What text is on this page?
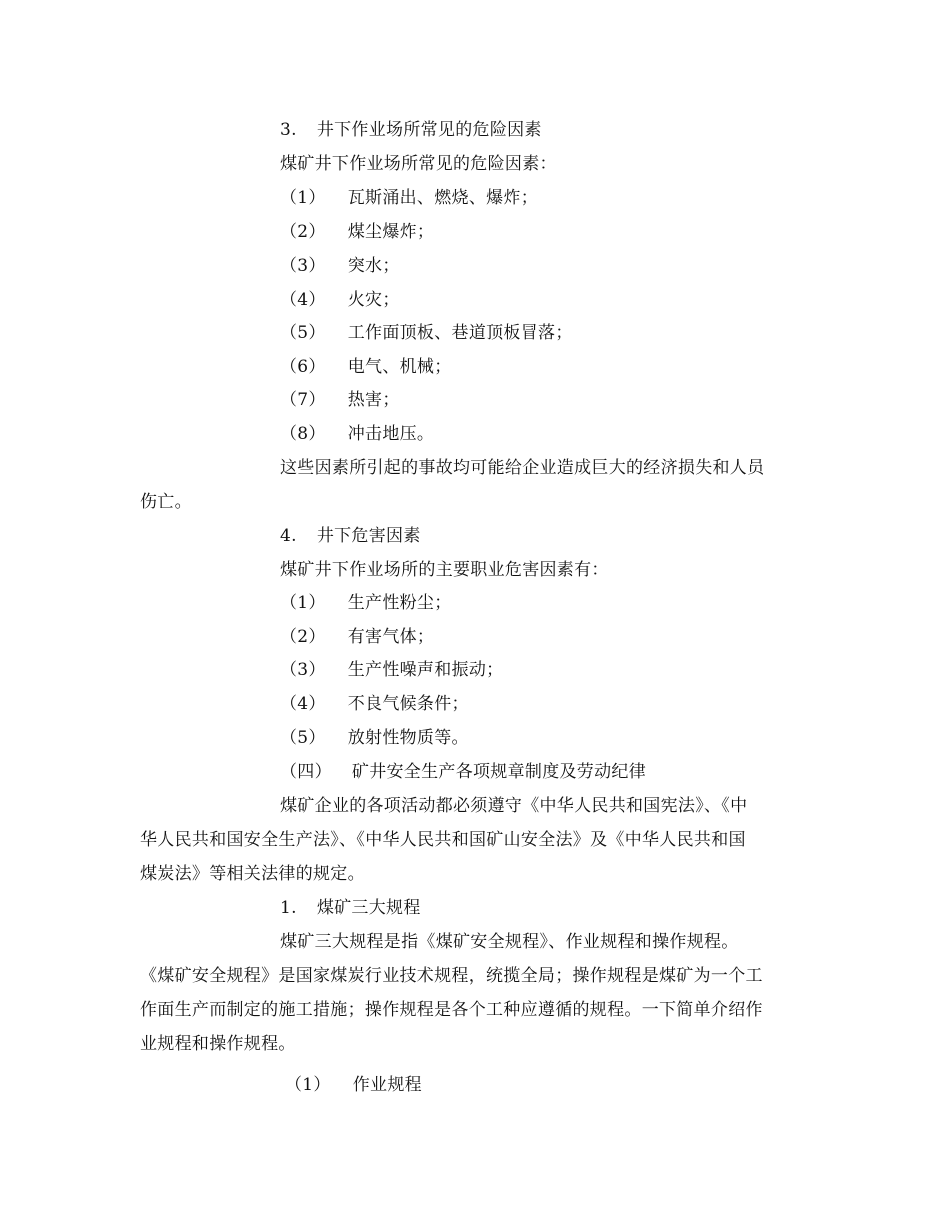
3. 井下作业场所常见的危险因素
煤矿井下作业场所常见的危险因素：
（1） 瓦斯涌出、燃烧、爆炸；
（2） 煤尘爆炸；
（3） 突水；
（4） 火灾；
（5） 工作面顶板、巷道顶板冒落；
（6） 电气、机械；
（7） 热害；
（8） 冲击地压。
这些因素所引起的事故均可能给企业造成巨大的经济损失和人员
伤亡。
4. 井下危害因素
煤矿井下作业场所的主要职业危害因素有：
（1） 生产性粉尘；
（2） 有害气体；
（3） 生产性噪声和振动；
（4） 不良气候条件；
（5） 放射性物质等。
（四） 矿井安全生产各项规章制度及劳动纪律
煤矿企业的各项活动都必须遵守《中华人民共和国宪法》、《中
华人民共和国安全生产法》、《中华人民共和国矿山安全法》及《中华人民共和国
煤炭法》等相关法律的规定。
1. 煤矿三大规程
煤矿三大规程是指《煤矿安全规程》、作业规程和操作规程。
《煤矿安全规程》是国家煤炭行业技术规程，统揽全局；操作规程是煤矿为一个工
作面生产而制定的施工措施；操作规程是各个工种应遵循的规程。一下简单介绍作
业规程和操作规程。
（1） 作业规程
